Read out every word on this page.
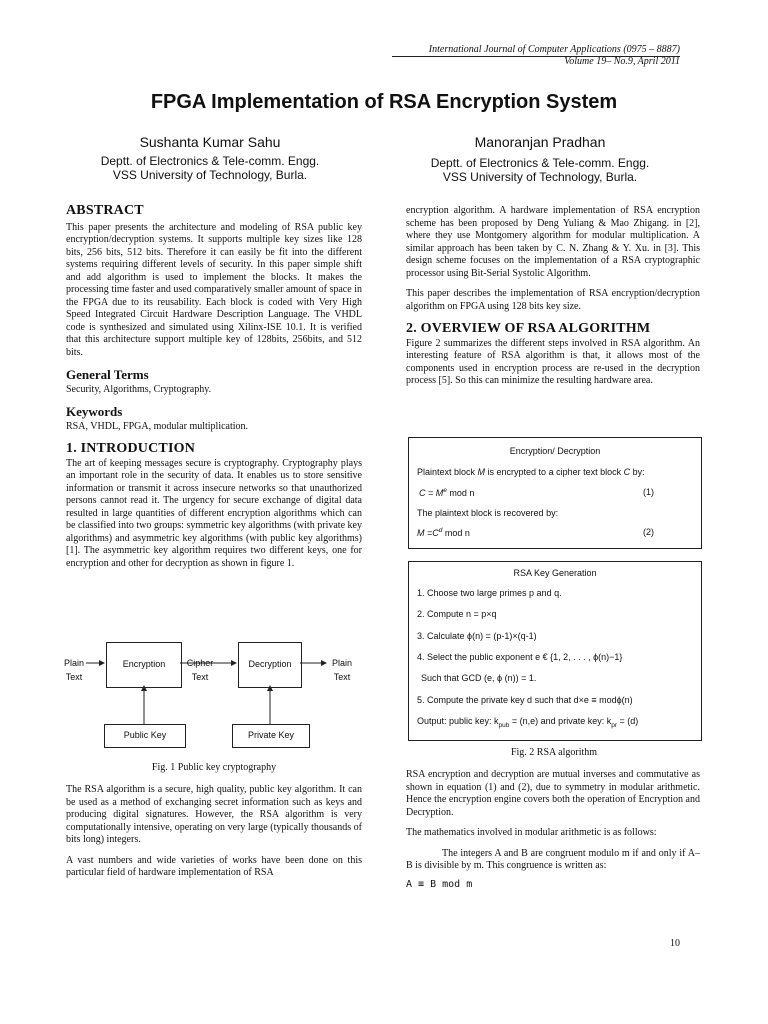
International Journal of Computer Applications (0975 – 8887)
Volume 19– No.9, April 2011
FPGA Implementation of RSA Encryption System
Sushanta Kumar Sahu
Deptt. of Electronics & Tele-comm. Engg.
VSS University of Technology, Burla.
Manoranjan Pradhan
Deptt. of Electronics & Tele-comm. Engg.
VSS University of Technology, Burla.
ABSTRACT

This paper presents the architecture and modeling of RSA public key encryption/decryption systems. It supports multiple key sizes like 128 bits, 256 bits, 512 bits. Therefore it can easily be fit into the different systems requiring different levels of security. In this paper simple shift and add algorithm is used to implement the blocks. It makes the processing time faster and used comparatively smaller amount of space in the FPGA due to its reusability. Each block is coded with Very High Speed Integrated Circuit Hardware Description Language. The VHDL code is synthesized and simulated using Xilinx-ISE 10.1. It is verified that this architecture support multiple key of 128bits, 256bits, and 512 bits.

General Terms

Security, Algorithms, Cryptography.

Keywords

RSA, VHDL, FPGA, modular multiplication.

1. INTRODUCTION

The art of keeping messages secure is cryptography. Cryptography plays an important role in the security of data. It enables us to store sensitive information or transmit it across insecure networks so that unauthorized persons cannot read it. The urgency for secure exchange of digital data resulted in large quantities of different encryption algorithms which can be classified into two groups: symmetric key algorithms (with private key algorithms) and asymmetric key algorithms (with public key algorithms) [1]. The asymmetric key algorithm requires two different keys, one for encryption and other for decryption as shown in figure 1.

Plain Text
Encryption	Cipher Text
Decryption	Plain Text
Public Key	Private Key
Fig. 1 Public key cryptography

The RSA algorithm is a secure, high quality, public key algorithm. It can be used as a method of exchanging secret information such as keys and producing digital signatures. However, the RSA algorithm is very computationally intensive, operating on very large (typically thousands of bits long) integers.

A vast numbers and wide varieties of works have been done on this particular field of hardware implementation of RSA

encryption algorithm. A hardware implementation of RSA encryption scheme has been proposed by Deng Yuliang & Mao Zhigang. in [2], where they use Montgomery algorithm for modular multiplication. A similar approach has been taken by C. N. Zhang & Y. Xu. in [3]. This design scheme focuses on the implementation of a RSA cryptographic processor using Bit-Serial Systolic Algorithm.

This paper describes the implementation of RSA encryption/decryption algorithm on FPGA using 128 bits key size.

2. OVERVIEW OF RSA ALGORITHM

Figure 2 summarizes the different steps involved in RSA algorithm. An interesting feature of RSA algorithm is that, it allows most of the components used in encryption process are re-used in the decryption process [5]. So this can minimize the resulting hardware area.

Encryption/ Decryption
Plaintext block M is encrypted to a cipher text block C by:
$C = M^e$ mod n	(1)
The plaintext block is recovered by:
$M =C^d$ mod n	(2)
RSA Key Generation
1. Choose two large primes p and q.
2. Compute n = p×q
3. Calculate ϕ(n) = (p-1)×(q-1)
4. Select the public exponent e € {1, 2, . . . , ϕ(n)−1}
Such that GCD (e, ϕ (n)) = 1.
5. Compute the private key d such that d×e ≡ modϕ(n)
Output: public key: $k_{pub} = (n,e)$ and private key: $k_{pr} = (d)$
Fig. 2 RSA algorithm

RSA encryption and decryption are mutual inverses and commutative as shown in equation (1) and (2), due to symmetry in modular arithmetic. Hence the encryption engine covers both the operation of Encryption and Decryption.

The mathematics involved in modular arithmetic is as follows:

The integers A and B are congruent modulo m if and only if A–B is divisible by m. This congruence is written as:

A ≡ B mod m

10
